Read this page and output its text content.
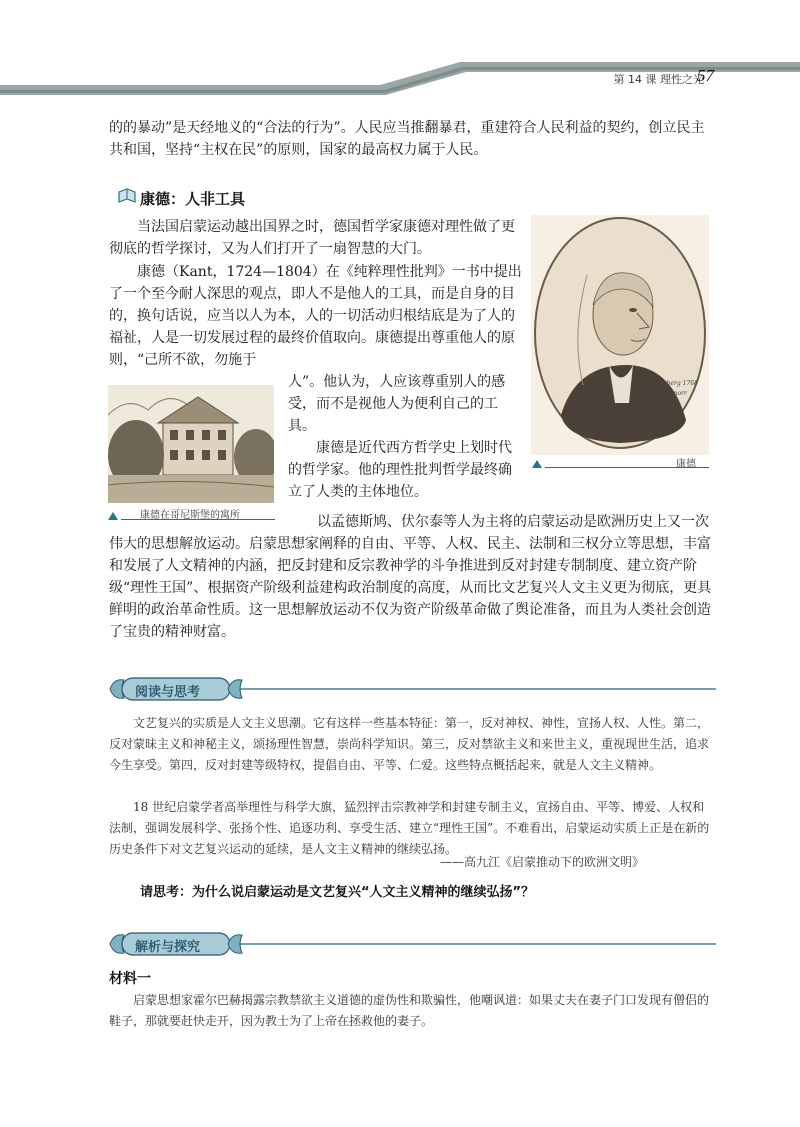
第 14 课 理性之光
57

的的暴动”是天经地义的“合法的行为”。人民应当推翻暴君，重建符合人民利益的契约，创立民主共和国，坚持“主权在民”的原则，国家的最高权力属于人民。

康德：人非工具

当法国启蒙运动越出国界之时，德国哲学家康德对理性做了更彻底的哲学探讨，又为人们打开了一扇智慧的大门。

康德（Kant，1724—1804）在《纯粹理性批判》一书中提出了一个至今耐人深思的观点，即人不是他人的工具，而是自身的目的，换句话说，应当以人为本，人的一切活动归根结底是为了人的福祉，人是一切发展过程的最终价值取向。康德提出尊重他人的原则，“己所不欲，勿施于

Königsberg 1768
V.H. Schnorr
康德
康德在哥尼斯堡的寓所

人”。他认为，人应该尊重别人的感受，而不是视他人为便利自己的工具。

康德是近代西方哲学史上划时代的哲学家。他的理性批判哲学最终确立了人类的主体地位。

以孟德斯鸠、伏尔泰等人为主将的启蒙运动是欧洲历史上又一次伟大的思想解放运动。启蒙思想家阐释的自由、平等、人权、民主、法制和三权分立等思想，丰富和发展了人文精神的内涵，把反封建和反宗教神学的斗争推进到反对封建专制制度、建立资产阶级“理性王国”、根据资产阶级利益建构政治制度的高度，从而比文艺复兴人文主义更为彻底，更具鲜明的政治革命性质。这一思想解放运动不仅为资产阶级革命做了舆论准备，而且为人类社会创造了宝贵的精神财富。

阅读与思考

文艺复兴的实质是人文主义思潮。它有这样一些基本特征：第一，反对神权、神性，宣扬人权、人性。第二，反对蒙昧主义和神秘主义，颂扬理性智慧，崇尚科学知识。第三，反对禁欲主义和来世主义，重视现世生活，追求今生享受。第四，反对封建等级特权，提倡自由、平等、仁爱。这些特点概括起来，就是人文主义精神。

18 世纪启蒙学者高举理性与科学大旗，猛烈抨击宗教神学和封建专制主义，宣扬自由、平等、博爱、人权和法制，强调发展科学、张扬个性、追逐功利、享受生活、建立“理性王国”。不难看出，启蒙运动实质上正是在新的历史条件下对文艺复兴运动的延续，是人文主义精神的继续弘扬。

——高九江《启蒙推动下的欧洲文明》
请思考：为什么说启蒙运动是文艺复兴“人文主义精神的继续弘扬”？
解析与探究
材料一

启蒙思想家霍尔巴赫揭露宗教禁欲主义道德的虚伪性和欺骗性，他嘲讽道：如果丈夫在妻子门口发现有僧侣的鞋子，那就要赶快走开，因为教士为了上帝在拯救他的妻子。
